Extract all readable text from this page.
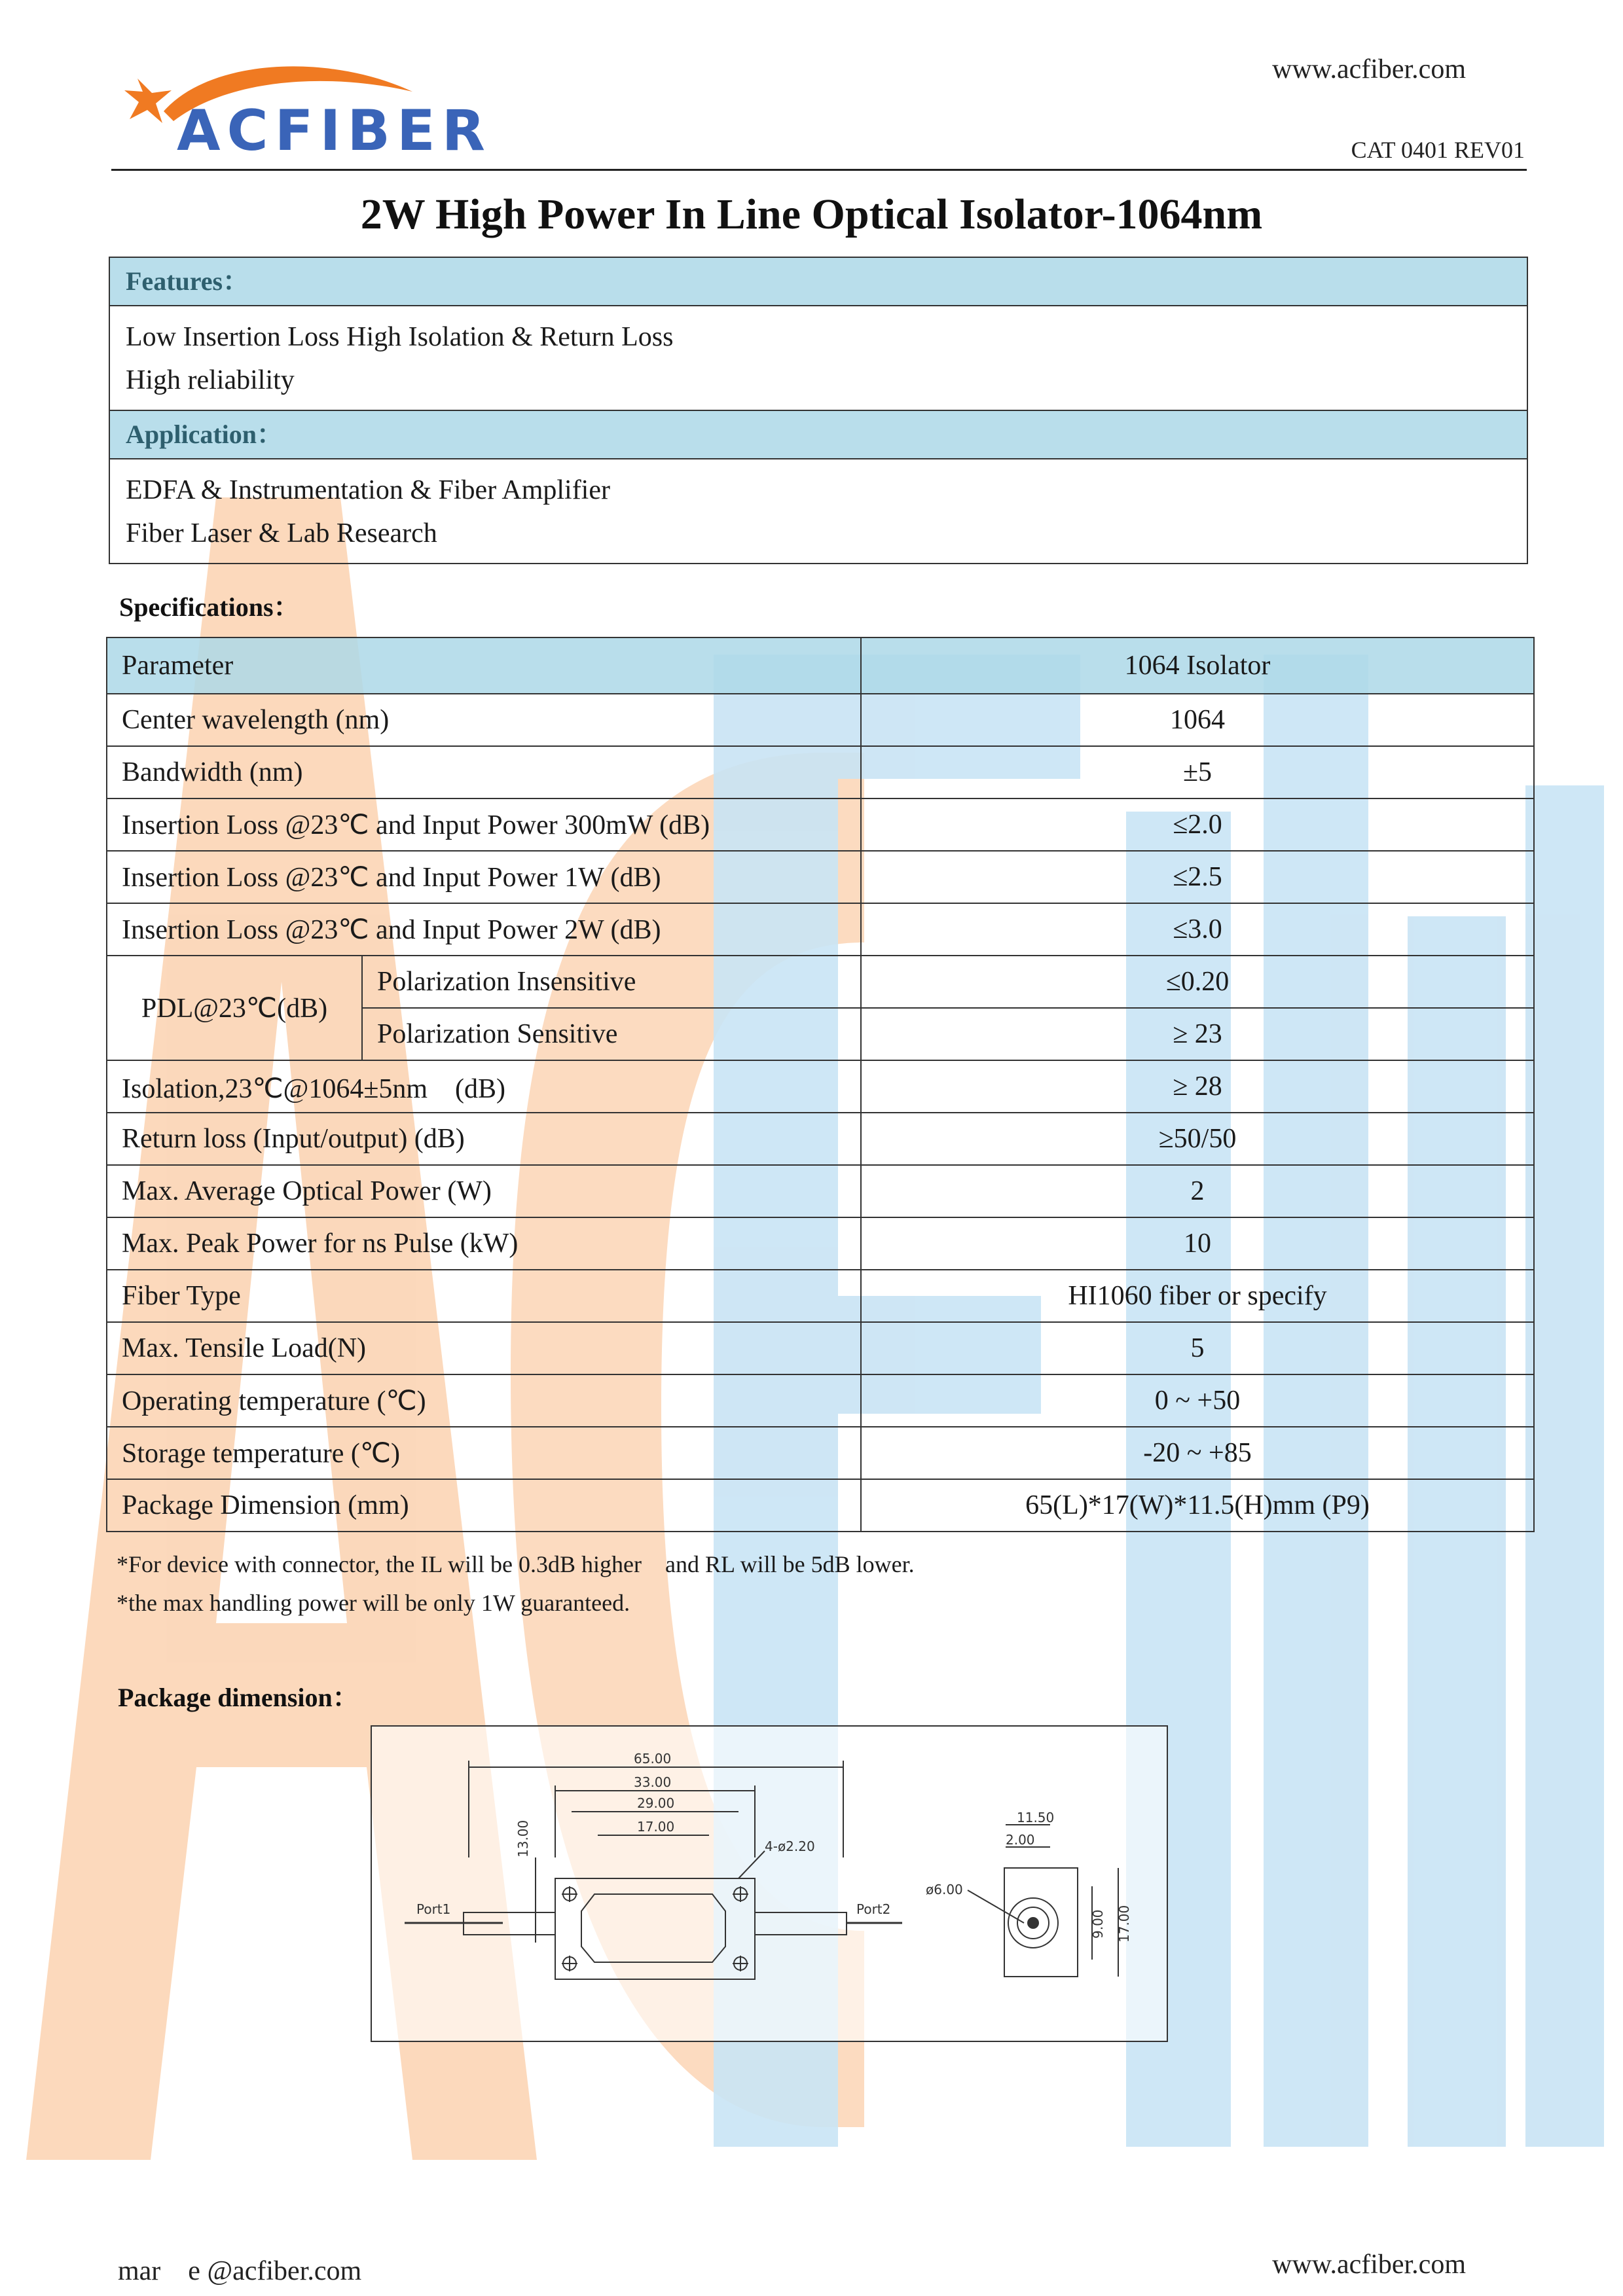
ACFIBER
www.acfiber.com
CAT 0401 REV01
2W High Power In Line Optical Isolator-1064nm
Features：
Low Insertion Loss High Isolation & Return Loss
High reliability
Application：
EDFA & Instrumentation & Fiber Amplifier
Fiber Laser & Lab Research
Specifications：
Parameter		1064 Isolator
Center wavelength (nm)		1064
Bandwidth (nm)		±5
Insertion Loss @23℃ and Input Power 300mW (dB)		≤2.0
Insertion Loss @23℃ and Input Power 1W (dB)		≤2.5
Insertion Loss @23℃ and Input Power 2W (dB)		≤3.0
PDL@23℃(dB)	Polarization Insensitive	≤0.20
	Polarization Sensitive	≥ 23
Isolation,23℃@1064±5nm　(dB)		≥ 28
Return loss (Input/output) (dB)		≥50/50
Max. Average Optical Power (W)		2
Max. Peak Power for ns Pulse (kW)		10
Fiber Type		HI1060 fiber or specify
Max. Tensile Load(N)		5
Operating temperature (℃)		0 ~ +50
Storage temperature (℃)		-20 ~ +85
Package Dimension (mm)		65(L)*17(W)*11.5(H)mm (P9)
*For device with connector, the IL will be 0.3dB higher　and RL will be 5dB lower.
*the max handling power will be only 1W guaranteed.
Package dimension：
65.00
33.00
29.00
17.00
13.00	4-ø2.20
Port1	Port2
11.50
2.00
ø6.00
9.00 17.00
mar　e @acfiber.com	www.acfiber.com
